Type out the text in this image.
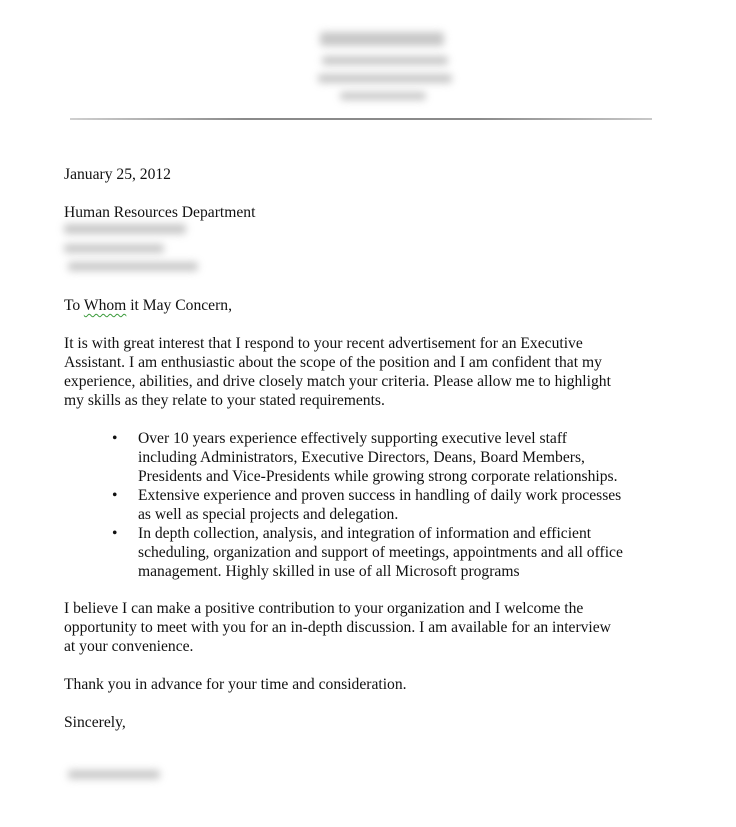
January 25, 2012
Human Resources Department
To Whom it May Concern,
It is with great interest that I respond to your recent advertisement for an Executive
Assistant. I am enthusiastic about the scope of the position and I am confident that my
experience, abilities, and drive closely match your criteria. Please allow me to highlight
my skills as they relate to your stated requirements.
• Over 10 years experience effectively supporting executive level staff
including Administrators, Executive Directors, Deans, Board Members,
Presidents and Vice-Presidents while growing strong corporate relationships.
• Extensive experience and proven success in handling of daily work processes
as well as special projects and delegation.
• In depth collection, analysis, and integration of information and efficient
scheduling, organization and support of meetings, appointments and all office
management. Highly skilled in use of all Microsoft programs
I believe I can make a positive contribution to your organization and I welcome the
opportunity to meet with you for an in-depth discussion. I am available for an interview
at your convenience.
Thank you in advance for your time and consideration.
Sincerely,
